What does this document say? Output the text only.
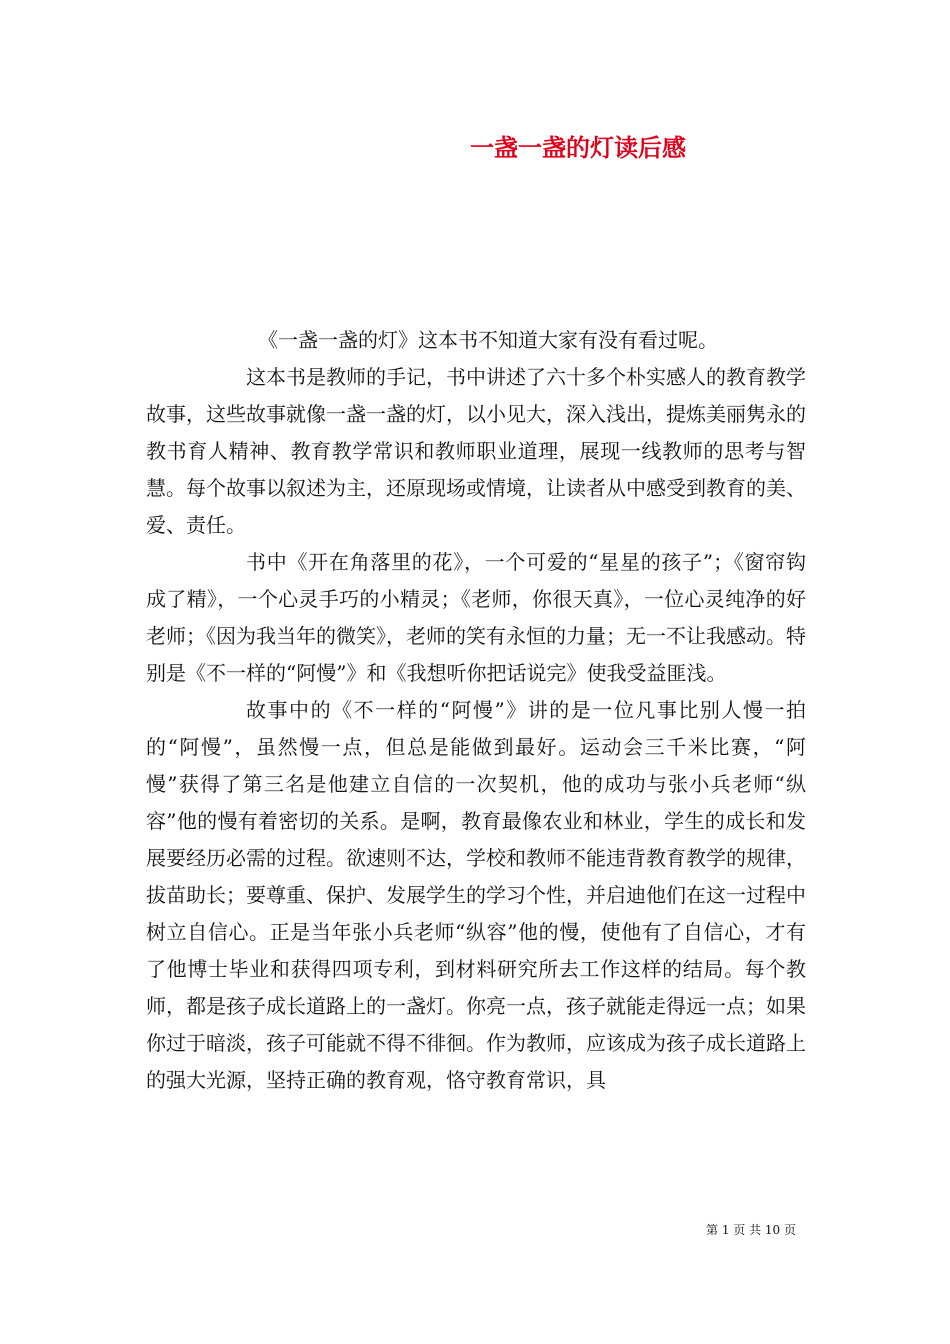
一盏一盏的灯读后感

《一盏一盏的灯》这本书不知道大家有没有看过呢。

这本书是教师的手记，书中讲述了六十多个朴实感人的教育教学故事，这些故事就像一盏一盏的灯，以小见大，深入浅出，提炼美丽隽永的教书育人精神、教育教学常识和教师职业道理，展现一线教师的思考与智慧。每个故事以叙述为主，还原现场或情境，让读者从中感受到教育的美、爱、责任。

书中《开在角落里的花》，一个可爱的“星星的孩子”；《窗帘钩成了精》，一个心灵手巧的小精灵；《老师，你很天真》，一位心灵纯净的好老师；《因为我当年的微笑》，老师的笑有永恒的力量；无一不让我感动。特别是《不一样的“阿慢”》和《我想听你把话说完》使我受益匪浅。

故事中的《不一样的“阿慢”》讲的是一位凡事比别人慢一拍的“阿慢”，虽然慢一点，但总是能做到最好。运动会三千米比赛，“阿慢”获得了第三名是他建立自信的一次契机，他的成功与张小兵老师“纵容”他的慢有着密切的关系。是啊，教育最像农业和林业，学生的成长和发展要经历必需的过程。欲速则不达，学校和教师不能违背教育教学的规律，拔苗助长；要尊重、保护、发展学生的学习个性，并启迪他们在这一过程中树立自信心。正是当年张小兵老师“纵容”他的慢，使他有了自信心，才有了他博士毕业和获得四项专利，到材料研究所去工作这样的结局。每个教师，都是孩子成长道路上的一盏灯。你亮一点，孩子就能走得远一点；如果你过于暗淡，孩子可能就不得不徘徊。作为教师，应该成为孩子成长道路上的强大光源，坚持正确的教育观，恪守教育常识，具

第 1 页 共 10 页
